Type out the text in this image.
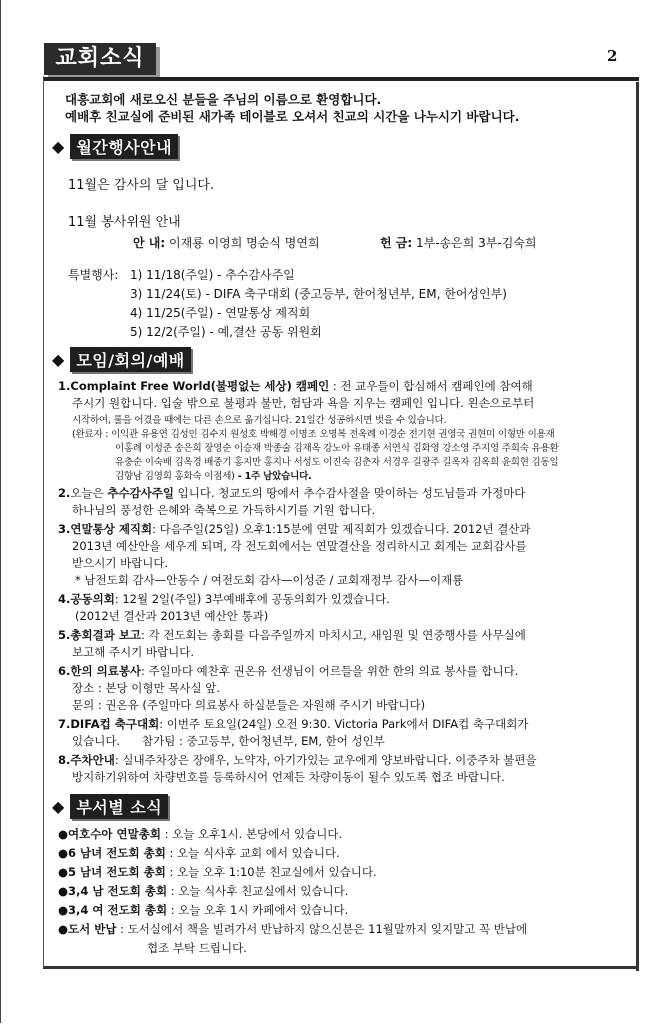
교회소식	2
대흥교회에 새로오신 분들을 주님의 이름으로 환영합니다.
예배후 친교실에 준비된 새가족 테이블로 오셔서 친교의 시간을 나누시기 바랍니다.
◆ 월간행사안내
11월은 감사의 달 입니다.
11월 봉사위원 안내
안 내: 이재룡 이영희 명순식 명연희	헌 금: 1부-송은희 3부-김숙희
특별행사: 1) 11/18(주일) - 추수감사주일
3) 11/24(토) - DIFA 축구대회 (중고등부, 한어청년부, EM, 한어성인부)
4) 11/25(주일) - 연말통상 제직회
5) 12/2(주일) - 예,결산 공동 위원회
◆ 모임/회의/예배
1.Complaint Free World(불평없는 세상) 캠페인 : 전 교우들이 합심해서 캠페인에 참여해
주시기 원합니다. 입술 밖으로 불평과 불만, 험담과 욕을 지우는 캠페인 입니다. 왼손으로부터
시작하여, 룰을 어겼을 때에는 다른 손으로 옮기십니다. 21일간 성공하시면 벗을 수 있습니다.
(완료자 : 이익관 유용연 김성인 김수지 원성호 박해경 이명조 오명복 전옥례 이경순 전기현 권영국 권현미 이형만 이용재
이홍례 이성준 송은희 장영순 이승재 박종술 김재옥 강노아 유태종 서연식 김화영 강소영 주지영 주희숙 유용환
유충순 이숙배 김옥경 배중기 홍지만 홍지나 서성도 이진숙 김춘자 서경우 길광주 길옥자 김옥희 윤희현 김동일
김향남 김영희 홍화숙 이점세) - 1주 남았습니다.
2.오늘은 추수감사주일 입니다. 청교도의 땅에서 추수감사절을 맞이하는 성도님들과 가정마다
하나님의 풍성한 은혜와 축복으로 가득하시기를 기원 합니다.
3.연말통상 제직회: 다음주일(25일) 오후1:15분에 연말 제직회가 있겠습니다. 2012년 결산과
2013년 예산안을 세우게 되며, 각 전도회에서는 연말결산을 정리하시고 회계는 교회감사를
받으시기 바랍니다.
* 남전도회 감사—안동수 / 여전도회 감사—이성준 / 교회재정부 감사—이재룡
4.공동의회: 12월 2일(주일) 3부예배후에 공동의회가 있겠습니다.
(2012년 결산과 2013년 예산안 통과)
5.총회결과 보고: 각 전도회는 총회를 다음주일까지 마치시고, 새임원 및 연중행사를 사무실에
보고해 주시기 바랍니다.
6.한의 의료봉사: 주일마다 예찬후 권온유 선생님이 어르들을 위한 한의 의료 봉사를 합니다.
장소 : 본당 이형만 목사실 앞.
문의 : 권온유 (주일마다 의료봉사 하실분들은 자원해 주시기 바랍니다)
7.DIFA컵 축구대회: 이번주 토요일(24일) 오전 9:30. Victoria Park에서 DIFA컵 축구대회가
있습니다.      참가팀 : 중고등부, 한어청년부, EM, 한어 성인부
8.주차안내: 실내주차장은 장애우, 노약자, 아기가있는 교우에게 양보바랍니다. 이중주차 불편을
방지하기위하여 차량번호를 등록하시어 언제든 차량이동이 될수 있도록 협조 바랍니다.
◆ 부서별 소식
●여호수아 연말총회 : 오늘 오후1시. 본당에서 있습니다.
●6 남녀 전도회 총회 : 오늘 식사후 교회 에서 있습니다.
●5 남녀 전도회 총회 : 오늘 오후 1:10분 친교실에서 있습니다.
●3,4 남 전도회 총회 : 오늘 식사후 친교실에서 있습니다.
●3,4 여 전도회 총회 : 오늘 오후 1시 카페에서 있습니다.
●도서 반납 : 도서실에서 책을 빌려가서 반납하지 않으신분은 11월말까지 잊지말고 꼭 반납에
협조 부탁 드립니다.
